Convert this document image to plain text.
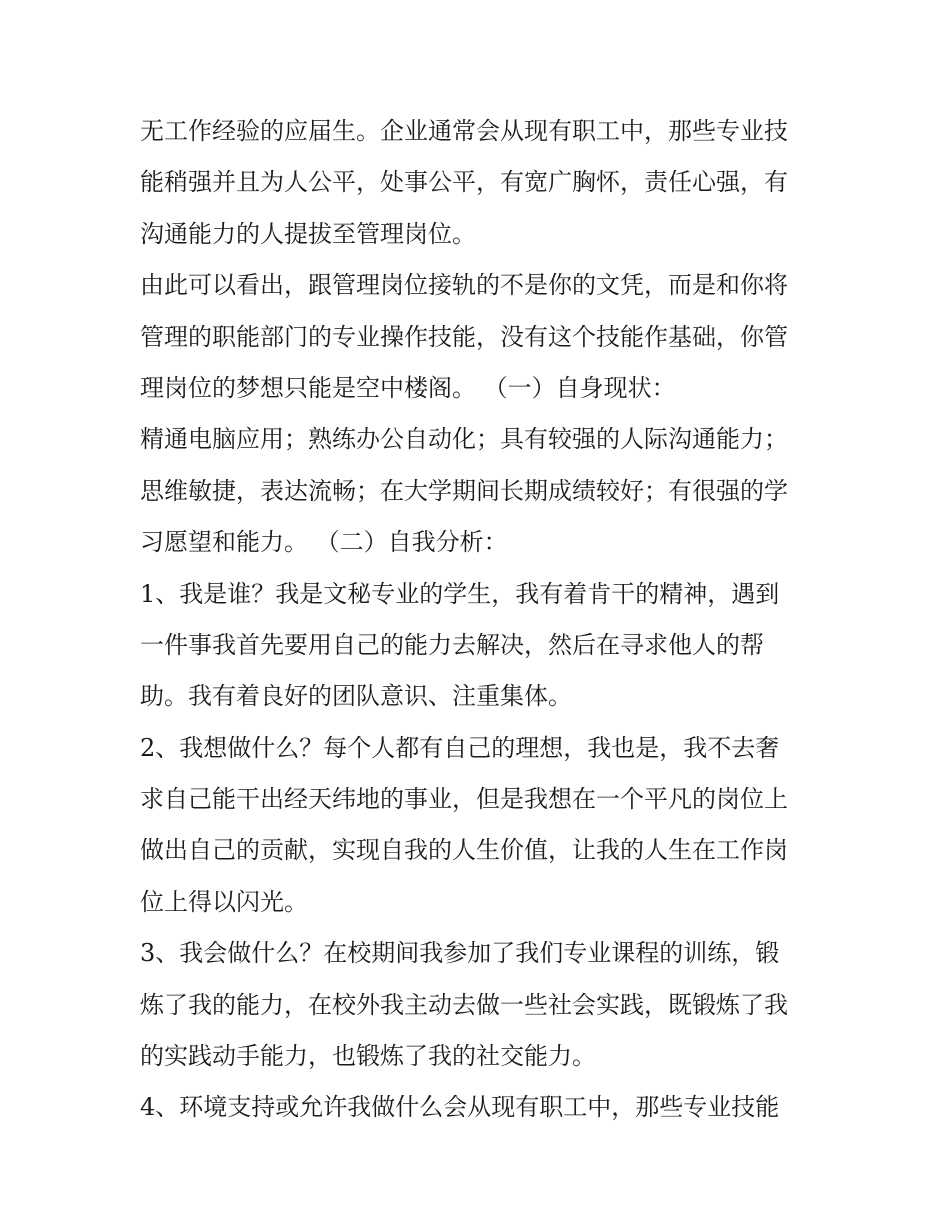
无工作经验的应届生。企业通常会从现有职工中，那些专业技
能稍强并且为人公平，处事公平，有宽广胸怀，责任心强，有
沟通能力的人提拔至管理岗位。
由此可以看出，跟管理岗位接轨的不是你的文凭，而是和你将
管理的职能部门的专业操作技能，没有这个技能作基础，你管
理岗位的梦想只能是空中楼阁。 （一）自身现状：
精通电脑应用；熟练办公自动化；具有较强的人际沟通能力；
思维敏捷，表达流畅；在大学期间长期成绩较好；有很强的学
习愿望和能力。 （二）自我分析：
1、我是谁？我是文秘专业的学生，我有着肯干的精神，遇到
一件事我首先要用自己的能力去解决，然后在寻求他人的帮
助。我有着良好的团队意识、注重集体。
2、我想做什么？每个人都有自己的理想，我也是，我不去奢
求自己能干出经天纬地的事业，但是我想在一个平凡的岗位上
做出自己的贡献，实现自我的人生价值，让我的人生在工作岗
位上得以闪光。
3、我会做什么？在校期间我参加了我们专业课程的训练，锻
炼了我的能力，在校外我主动去做一些社会实践，既锻炼了我
的实践动手能力，也锻炼了我的社交能力。
4、环境支持或允许我做什么会从现有职工中，那些专业技能
